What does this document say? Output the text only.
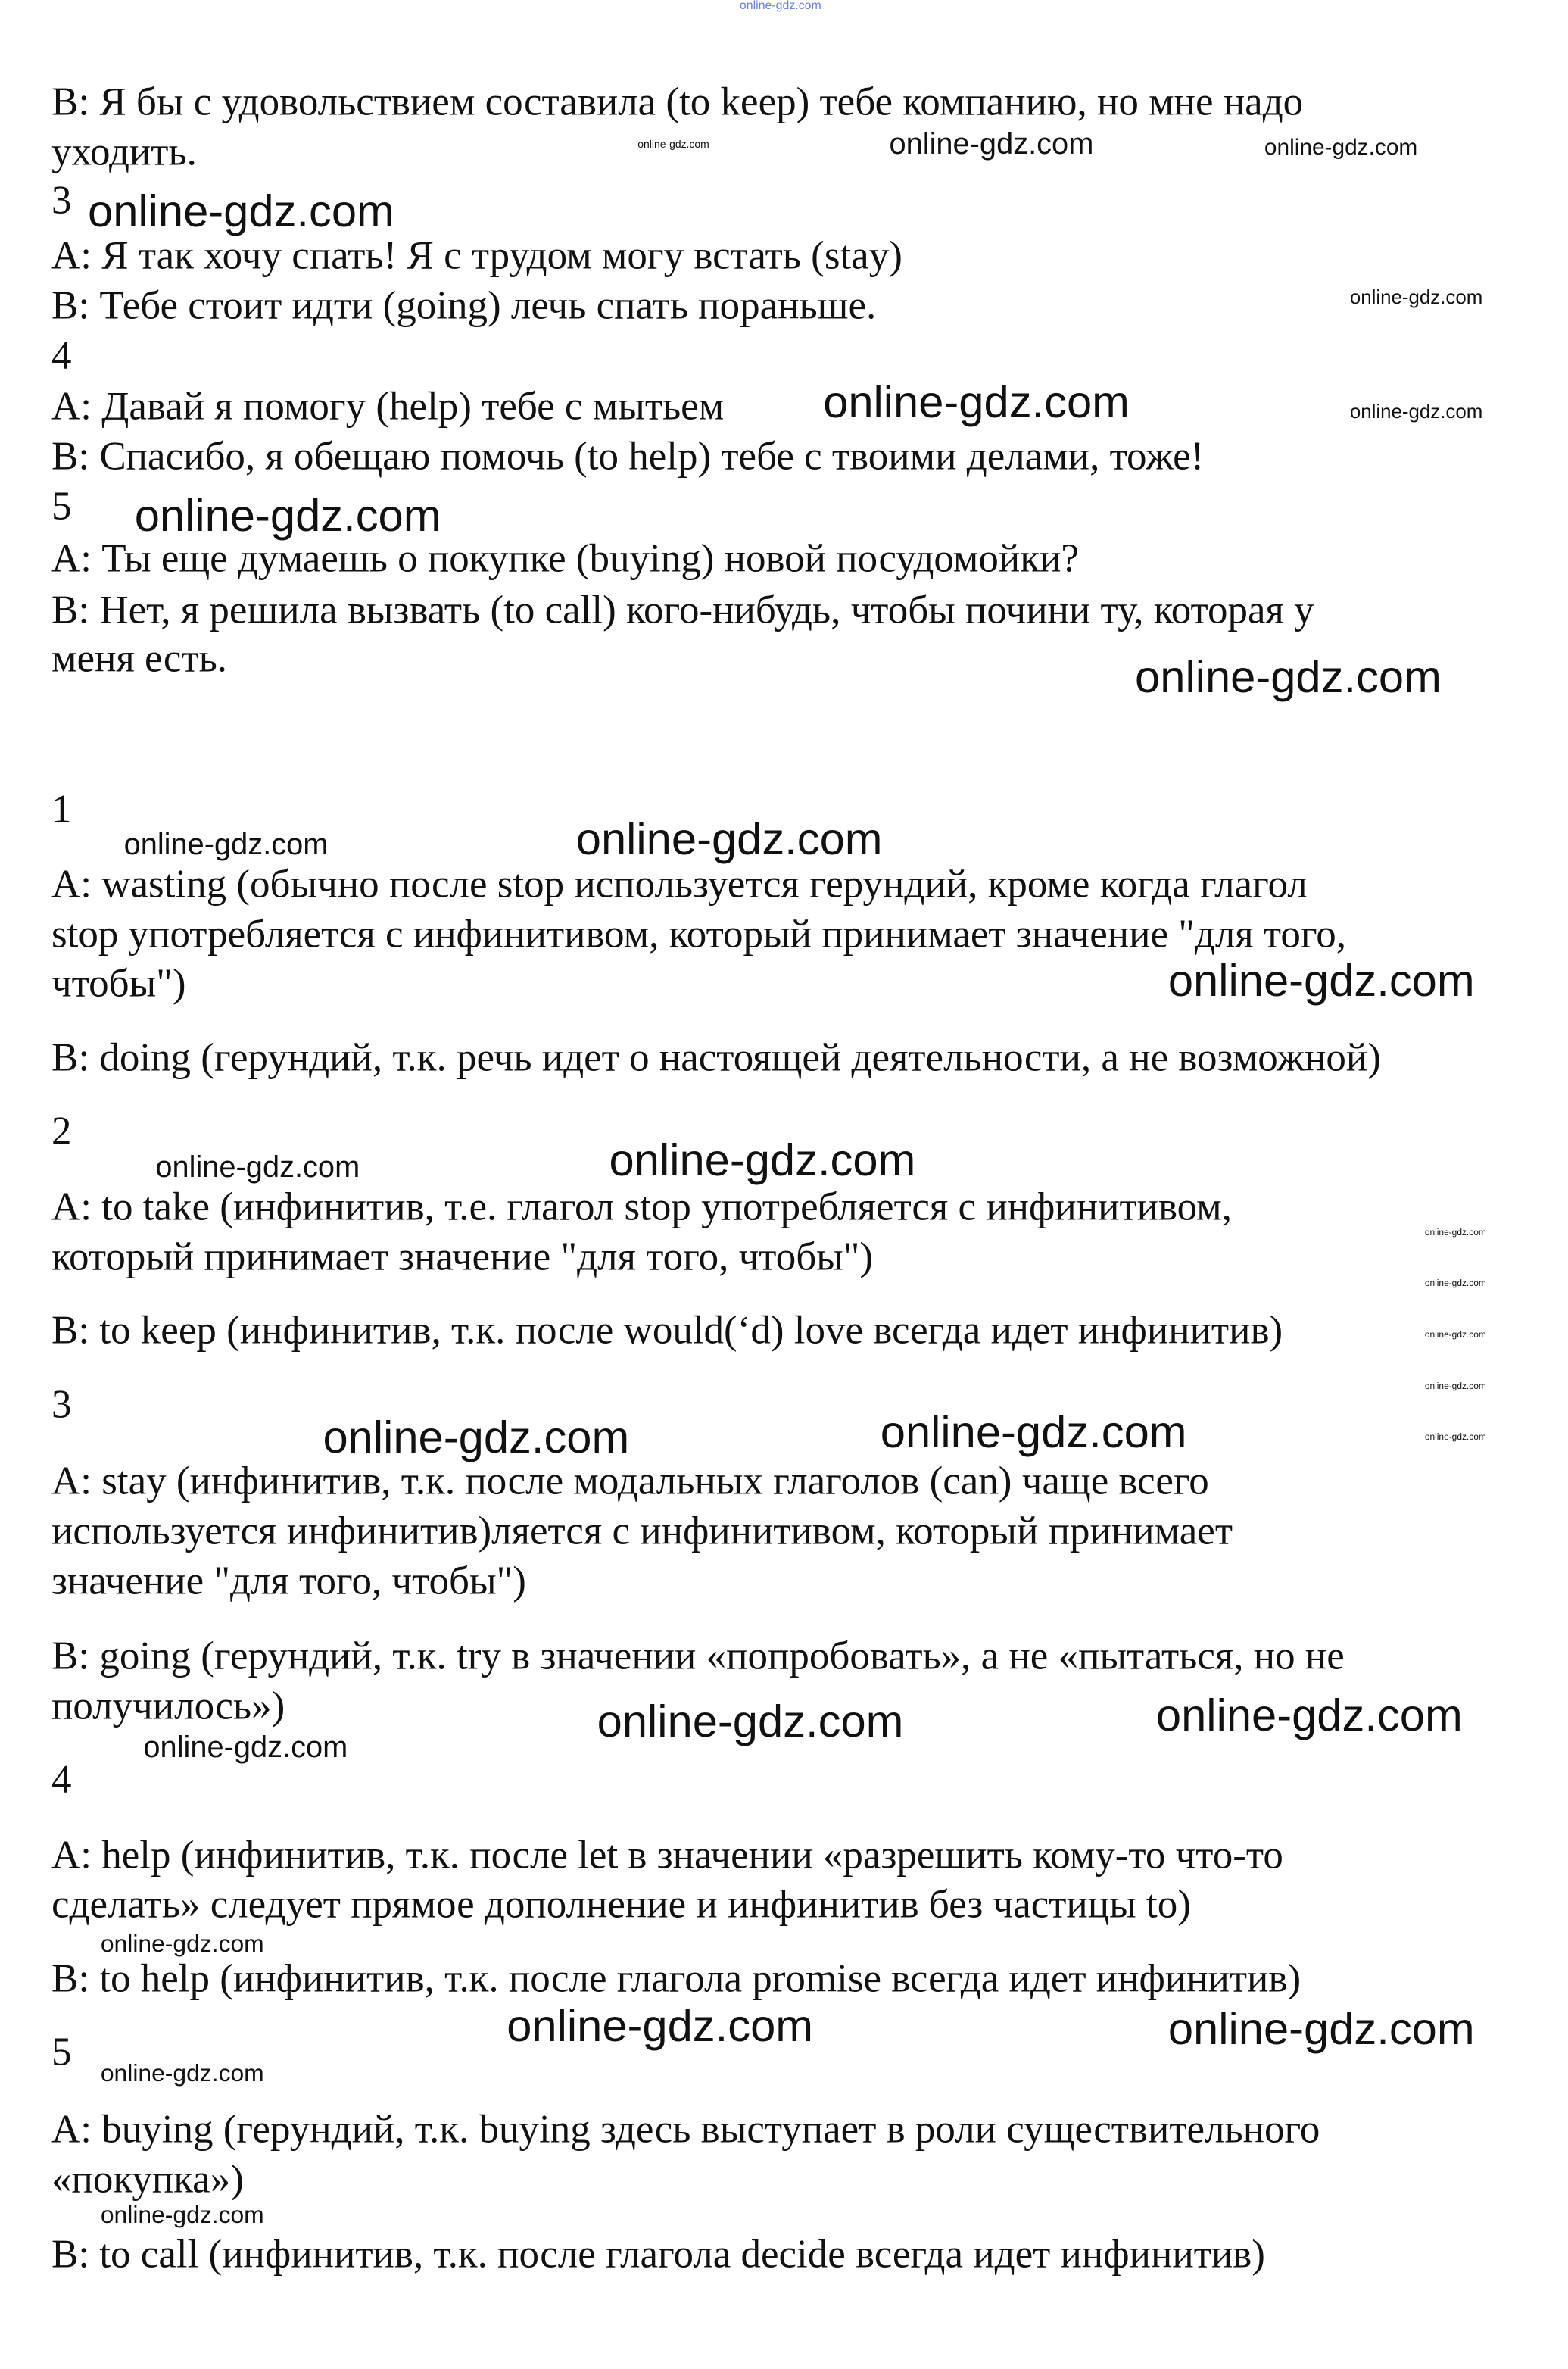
B: Я бы с удовольствием составила (to keep) тебе компанию, но мне надо
уходить.
3
A: Я так хочу спать! Я с трудом могу встать (stay)
B: Тебе стоит идти (going) лечь спать пораньше.
4
A: Давай я помогу (help) тебе с мытьем
B: Спасибо, я обещаю помочь (to help) тебе с твоими делами, тоже!
5
A: Ты еще думаешь о покупке (buying) новой посудомойки?
B: Нет, я решила вызвать (to call) кого-нибудь, чтобы почини ту, которая у
меня есть.
1
A: wasting (обычно после stop используется герундий, кроме когда глагол
stop употребляется с инфинитивом, который принимает значение "для того,
чтобы")
B: doing (герундий, т.к. речь идет о настоящей деятельности, а не возможной)
2
A: to take (инфинитив, т.е. глагол stop употребляется с инфинитивом,
который принимает значение "для того, чтобы")
B: to keep (инфинитив, т.к. после would(‘d) love всегда идет инфинитив)
3
A: stay (инфинитив, т.к. после модальных глаголов (can) чаще всего
используется инфинитив)ляется с инфинитивом, который принимает
значение "для того, чтобы")
B: going (герундий, т.к. try в значении «попробовать», а не «пытаться, но не
получилось»)
4
A: help (инфинитив, т.к. после let в значении «разрешить кому-то что-то
сделать» следует прямое дополнение и инфинитив без частицы to)
B: to help (инфинитив, т.к. после глагола promise всегда идет инфинитив)
5
A: buying (герундий, т.к. buying здесь выступает в роли существительного
«покупка»)
B: to call (инфинитив, т.к. после глагола decide всегда идет инфинитив)
online-gdz.com
online-gdz.com	online-gdz.com	online-gdz.com
online-gdz.com
online-gdz.com
online-gdz.com	online-gdz.com
online-gdz.com
online-gdz.com
online-gdz.com	online-gdz.com
online-gdz.com
online-gdz.com	online-gdz.com
online-gdz.com
online-gdz.com
online-gdz.com
online-gdz.com
online-gdz.com
online-gdz.com	online-gdz.com
online-gdz.com	online-gdz.com
online-gdz.com
online-gdz.com
online-gdz.com	online-gdz.com
online-gdz.com
online-gdz.com
